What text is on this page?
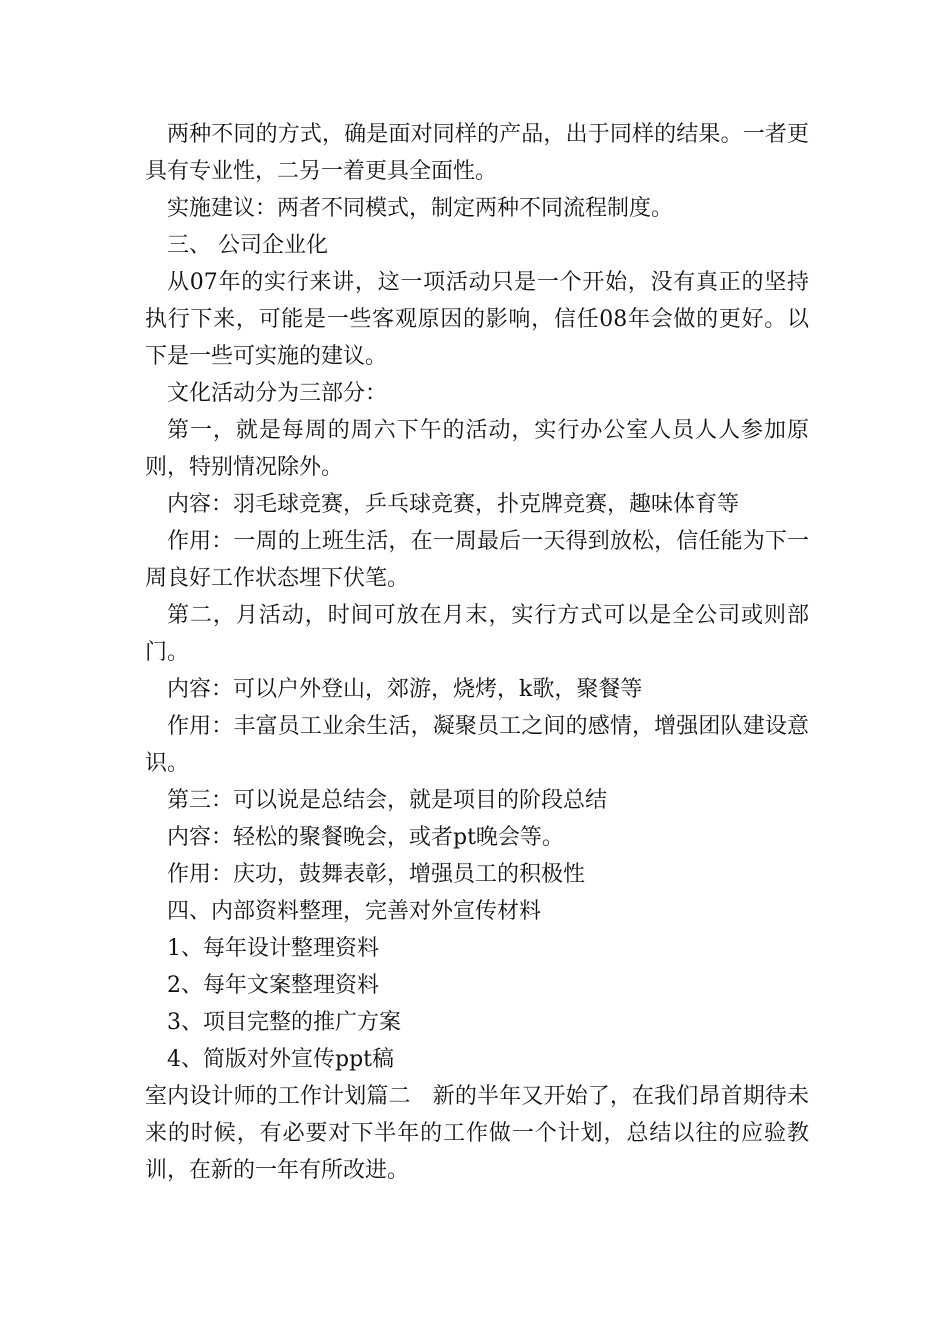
两种不同的方式，确是面对同样的产品，出于同样的结果。一者更具有专业性，二另一着更具全面性。

实施建议：两者不同模式，制定两种不同流程制度。

三、 公司企业化

从07年的实行来讲，这一项活动只是一个开始，没有真正的坚持执行下来，可能是一些客观原因的影响，信任08年会做的更好。以下是一些可实施的建议。

文化活动分为三部分：

第一，就是每周的周六下午的活动，实行办公室人员人人参加原则，特别情况除外。

内容：羽毛球竞赛，乒乓球竞赛，扑克牌竞赛，趣味体育等

作用：一周的上班生活，在一周最后一天得到放松，信任能为下一周良好工作状态埋下伏笔。

第二，月活动，时间可放在月末，实行方式可以是全公司或则部门。

内容：可以户外登山，郊游，烧烤，k歌，聚餐等

作用：丰富员工业余生活，凝聚员工之间的感情，增强团队建设意识。

第三：可以说是总结会，就是项目的阶段总结

内容：轻松的聚餐晚会，或者pt晚会等。

作用：庆功，鼓舞表彰，增强员工的积极性

四、内部资料整理，完善对外宣传材料

1、每年设计整理资料

2、每年文案整理资料

3、项目完整的推广方案

4、简版对外宣传ppt稿

室内设计师的工作计划篇二　新的半年又开始了，在我们昂首期待未来的时候，有必要对下半年的工作做一个计划，总结以往的应验教训，在新的一年有所改进。
